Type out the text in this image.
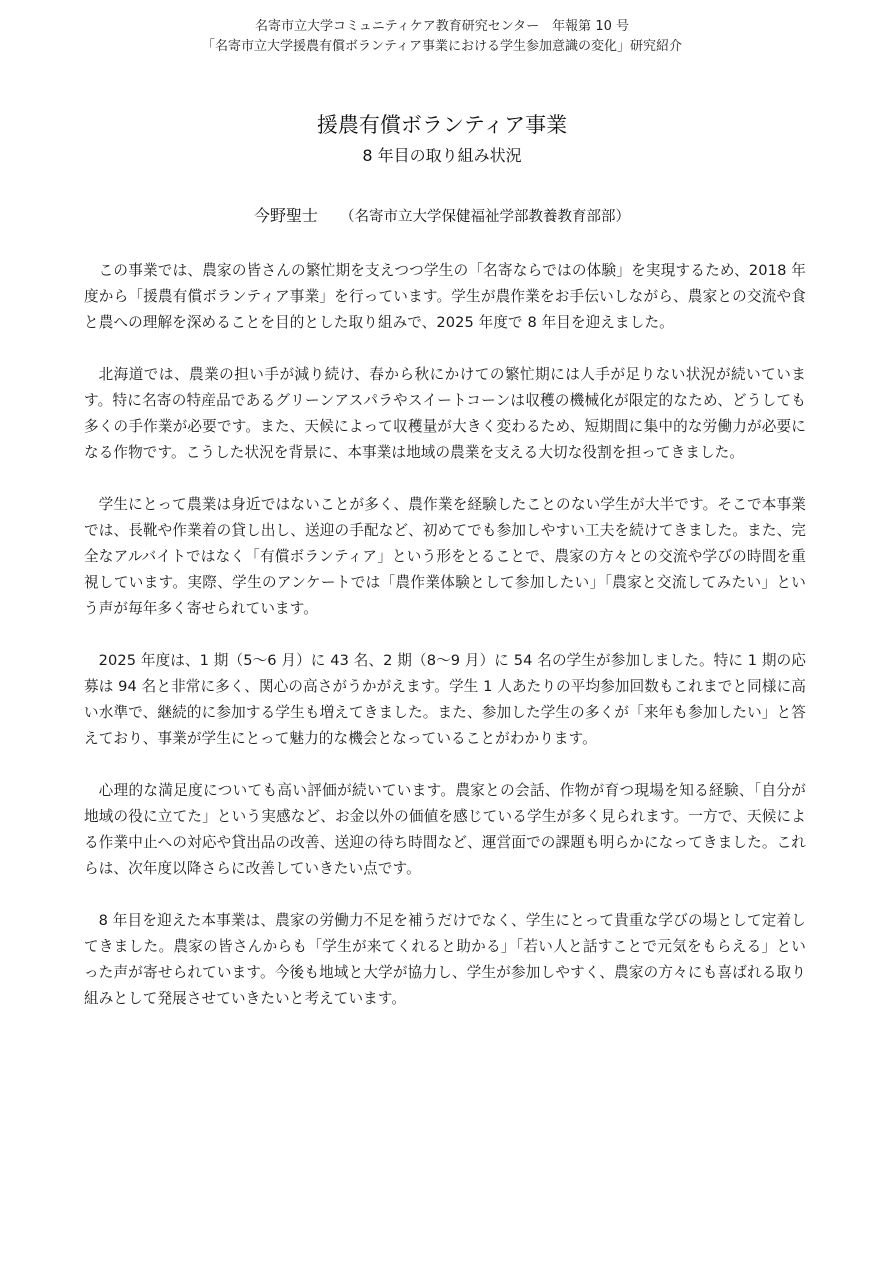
名寄市立大学コミュニティケア教育研究センター　年報第 10 号
「名寄市立大学援農有償ボランティア事業における学生参加意識の変化」研究紹介
援農有償ボランティア事業
8 年目の取り組み状況
今野聖士 （名寄市立大学保健福祉学部教養教育部部）

この事業では、農家の皆さんの繁忙期を支えつつ学生の「名寄ならではの体験」を実現するため、2018 年度から「援農有償ボランティア事業」を行っています。学生が農作業をお手伝いしながら、農家との交流や食と農への理解を深めることを目的とした取り組みで、2025 年度で 8 年目を迎えました。

北海道では、農業の担い手が減り続け、春から秋にかけての繁忙期には人手が足りない状況が続いています。特に名寄の特産品であるグリーンアスパラやスイートコーンは収穫の機械化が限定的なため、どうしても多くの手作業が必要です。また、天候によって収穫量が大きく変わるため、短期間に集中的な労働力が必要になる作物です。こうした状況を背景に、本事業は地域の農業を支える大切な役割を担ってきました。

学生にとって農業は身近ではないことが多く、農作業を経験したことのない学生が大半です。そこで本事業では、長靴や作業着の貸し出し、送迎の手配など、初めてでも参加しやすい工夫を続けてきました。また、完全なアルバイトではなく「有償ボランティア」という形をとることで、農家の方々との交流や学びの時間を重視しています。実際、学生のアンケートでは「農作業体験として参加したい」「農家と交流してみたい」という声が毎年多く寄せられています。

2025 年度は、1 期（5〜6 月）に 43 名、2 期（8〜9 月）に 54 名の学生が参加しました。特に 1 期の応募は 94 名と非常に多く、関心の高さがうかがえます。学生 1 人あたりの平均参加回数もこれまでと同様に高い水準で、継続的に参加する学生も増えてきました。また、参加した学生の多くが「来年も参加したい」と答えており、事業が学生にとって魅力的な機会となっていることがわかります。

心理的な満足度についても高い評価が続いています。農家との会話、作物が育つ現場を知る経験、「自分が地域の役に立てた」という実感など、お金以外の価値を感じている学生が多く見られます。一方で、天候による作業中止への対応や貸出品の改善、送迎の待ち時間など、運営面での課題も明らかになってきました。これらは、次年度以降さらに改善していきたい点です。

8 年目を迎えた本事業は、農家の労働力不足を補うだけでなく、学生にとって貴重な学びの場として定着してきました。農家の皆さんからも「学生が来てくれると助かる」「若い人と話すことで元気をもらえる」といった声が寄せられています。今後も地域と大学が協力し、学生が参加しやすく、農家の方々にも喜ばれる取り組みとして発展させていきたいと考えています。
